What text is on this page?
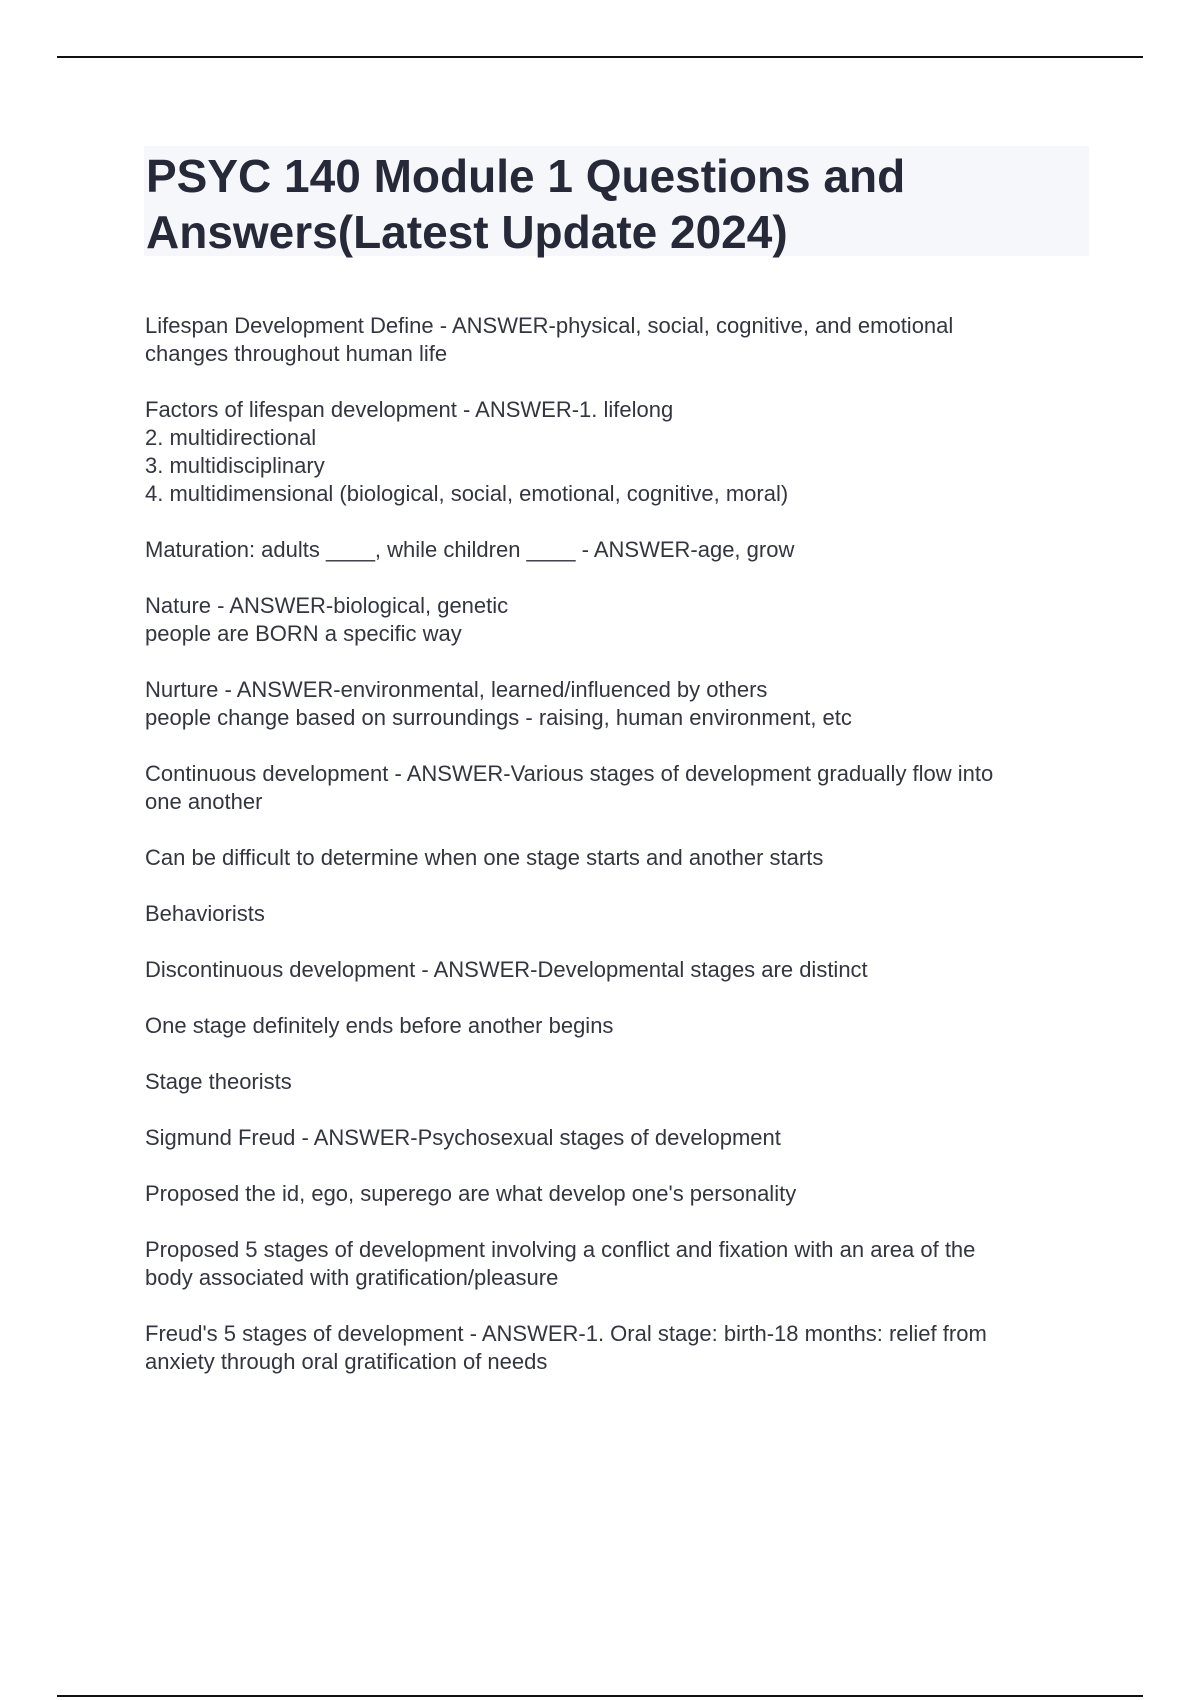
PSYC 140 Module 1 Questions and
Answers(Latest Update 2024)

Lifespan Development Define - ANSWER-physical, social, cognitive, and emotional
changes throughout human life

Factors of lifespan development - ANSWER-1. lifelong
2. multidirectional
3. multidisciplinary
4. multidimensional (biological, social, emotional, cognitive, moral)

Maturation: adults ____, while children ____ - ANSWER-age, grow

Nature - ANSWER-biological, genetic
people are BORN a specific way

Nurture - ANSWER-environmental, learned/influenced by others
people change based on surroundings - raising, human environment, etc

Continuous development - ANSWER-Various stages of development gradually flow into
one another

Can be difficult to determine when one stage starts and another starts

Behaviorists

Discontinuous development - ANSWER-Developmental stages are distinct

One stage definitely ends before another begins

Stage theorists

Sigmund Freud - ANSWER-Psychosexual stages of development

Proposed the id, ego, superego are what develop one's personality

Proposed 5 stages of development involving a conflict and fixation with an area of the
body associated with gratification/pleasure

Freud's 5 stages of development - ANSWER-1. Oral stage: birth-18 months: relief from
anxiety through oral gratification of needs
